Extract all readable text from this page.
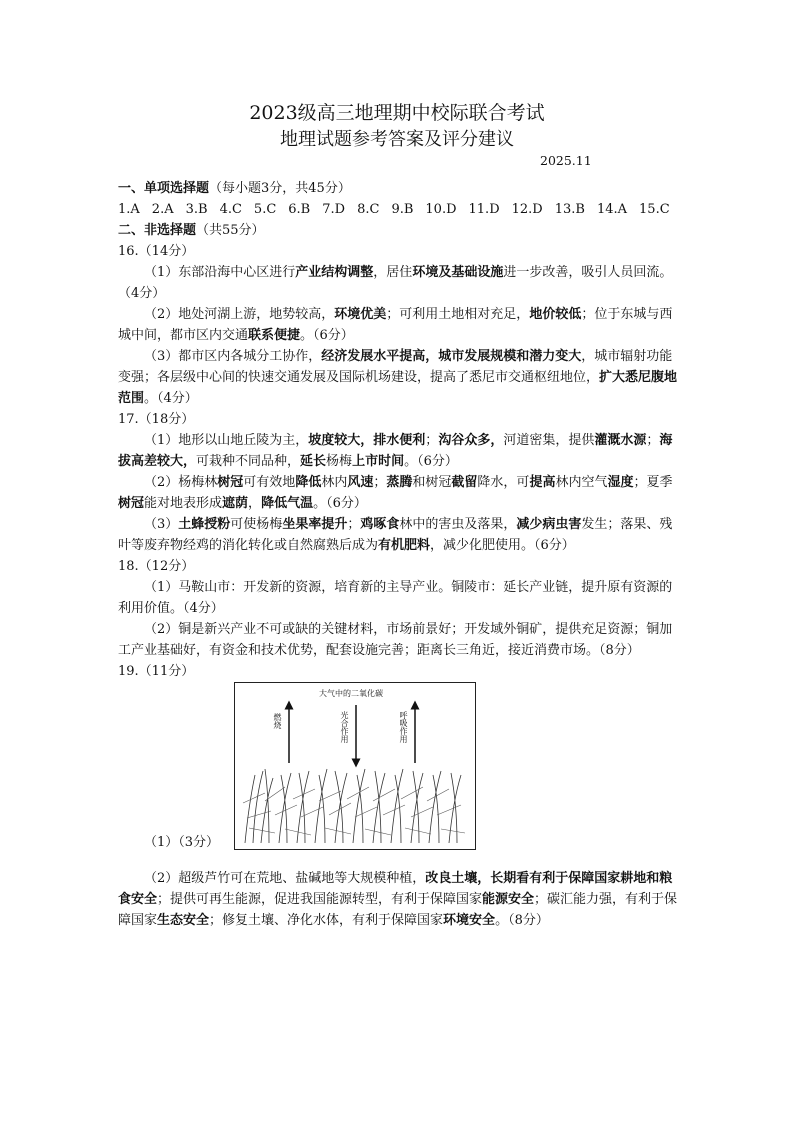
2023级高三地理期中校际联合考试
地理试题参考答案及评分建议
2025.11

一、单项选择题（每小题3分，共45分）

1.A 2.A 3.B 4.C 5.C 6.B 7.D 8.C 9.B 10.D 11.D 12.D 13.B 14.A 15.C

二、非选择题（共55分）

16.（14分）

（1）东部沿海中心区进行产业结构调整，居住环境及基础设施进一步改善，吸引人员回流。（4分）

（2）地处河湖上游，地势较高，环境优美；可利用土地相对充足，地价较低；位于东城与西城中间，都市区内交通联系便捷。（6分）

（3）都市区内各城分工协作，经济发展水平提高，城市发展规模和潜力变大，城市辐射功能变强；各层级中心间的快速交通发展及国际机场建设，提高了悉尼市交通枢纽地位，扩大悉尼腹地范围。（4分）

17.（18分）

（1）地形以山地丘陵为主，坡度较大，排水便利；沟谷众多，河道密集，提供灌溉水源；海拔高差较大，可栽种不同品种，延长杨梅上市时间。（6分）

（2）杨梅林树冠可有效地降低林内风速；蒸腾和树冠截留降水，可提高林内空气湿度；夏季树冠能对地表形成遮荫，降低气温。（6分）

（3）土蜂授粉可使杨梅坐果率提升；鸡啄食林中的害虫及落果，减少病虫害发生；落果、残叶等废弃物经鸡的消化转化或自然腐熟后成为有机肥料，减少化肥使用。（6分）

18.（12分）

（1）马鞍山市：开发新的资源，培育新的主导产业。铜陵市：延长产业链，提升原有资源的利用价值。（4分）

（2）铜是新兴产业不可或缺的关键材料，市场前景好；开发域外铜矿，提供充足资源；铜加工产业基础好，有资金和技术优势，配套设施完善；距离长三角近，接近消费市场。（8分）

19.（11分）

（1）（3分）
大气中的二氧化碳
燃烧	光合作用	呼吸作用

（2）超级芦竹可在荒地、盐碱地等大规模种植，改良土壤，长期看有利于保障国家耕地和粮食安全；提供可再生能源，促进我国能源转型，有利于保障国家能源安全；碳汇能力强，有利于保障国家生态安全；修复土壤、净化水体，有利于保障国家环境安全。（8分）
